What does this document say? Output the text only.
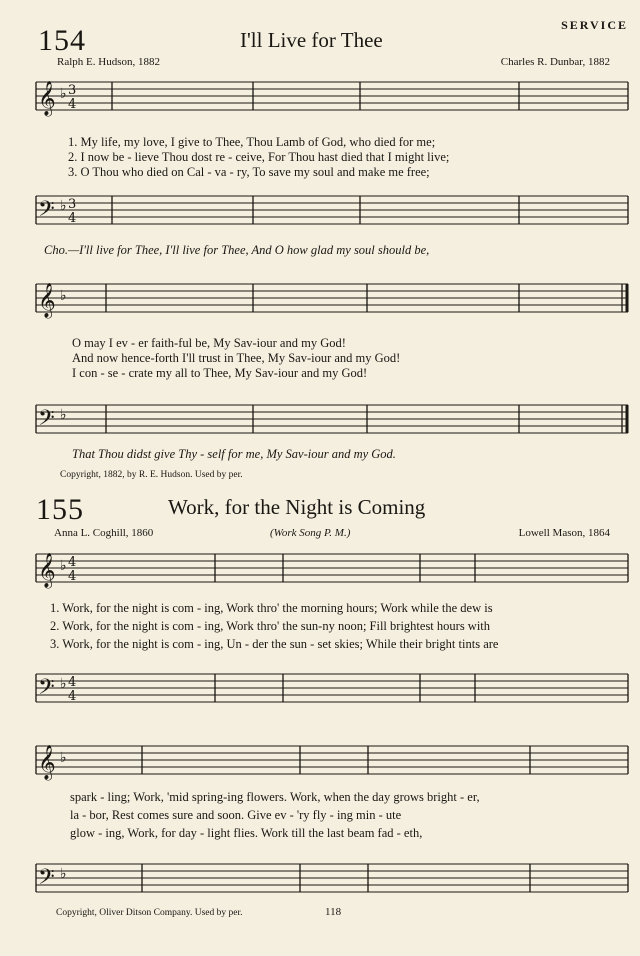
SERVICE
154	I'll Live for Thee
Ralph E. Hudson, 1882	Charles R. Dunbar, 1882
𝄞 ♭ 3
4
1. My life, my love, I give to Thee, Thou Lamb of God, who died for me;
2. I now be - lieve Thou dost re - ceive, For Thou hast died that I might live;
3. O Thou who died on Cal - va - ry, To save my soul and make me free;
𝄢 ♭ 3
4
Cho.—I'll live for Thee, I'll live for Thee, And O how glad my soul should be,
𝄞 ♭
O may I ev - er faith-ful be, My Sav-iour and my God!
And now hence-forth I'll trust in Thee, My Sav-iour and my God!
I con - se - crate my all to Thee, My Sav-iour and my God!
𝄢 ♭
That Thou didst give Thy - self for me, My Sav-iour and my God.
Copyright, 1882, by R. E. Hudson. Used by per.
155	Work, for the Night is Coming
Anna L. Coghill, 1860	(Work Song P. M.)	Lowell Mason, 1864
𝄞 ♭ 4
4
1. Work, for the night is com - ing, Work thro' the morning hours; Work while the dew is
2. Work, for the night is com - ing, Work thro' the sun-ny noon; Fill brightest hours with
3. Work, for the night is com - ing, Un - der the sun - set skies; While their bright tints are
𝄢 ♭ 4
4
𝄞 ♭
spark - ling; Work, 'mid spring-ing flowers. Work, when the day grows bright - er,
la - bor, Rest comes sure and soon. Give ev - 'ry fly - ing min - ute
glow - ing, Work, for day - light flies. Work till the last beam fad - eth,
𝄢 ♭
Copyright, Oliver Ditson Company. Used by per.	118
